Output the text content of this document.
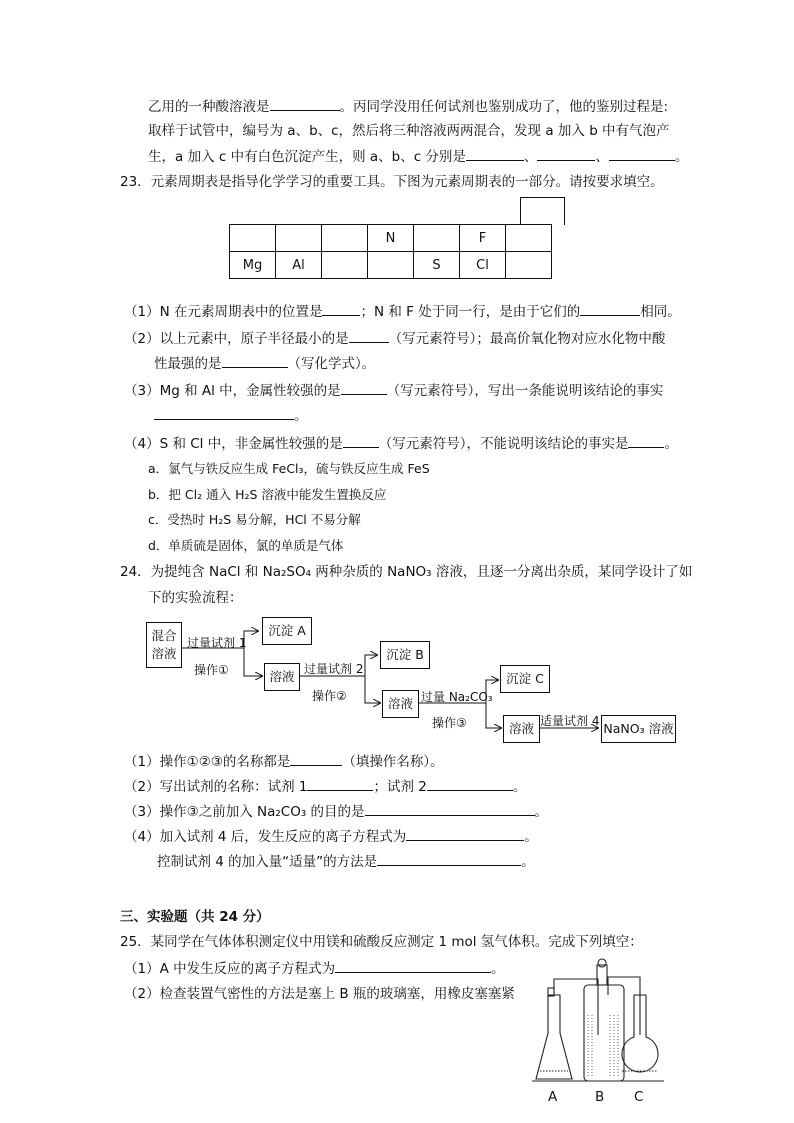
乙用的一种酸溶液是	。丙同学没用任何试剂也鉴别成功了，他的鉴别过程是:
取样于试管中，编号为 a、b、c，然后将三种溶液两两混合，发现 a 加入 b 中有气泡产
生，a 加入 c 中有白色沉淀产生，则 a、b、c 分别是	、	、	。
23．元素周期表是指导化学学习的重要工具。下图为元素周期表的一部分。请按要求填空。
			N		F	
Mg	Al			S	Cl	
（1）N 在元素周期表中的位置是	；N 和 F 处于同一行，是由于它们的	相同。
（2）以上元素中，原子半径最小的是	（写元素符号）；最高价氧化物对应水化物中酸
性最强的是	（写化学式）。
（3）Mg 和 Al 中，金属性较强的是	（写元素符号），写出一条能说明该结论的事实
。
（4）S 和 Cl 中，非金属性较强的是	（写元素符号），不能说明该结论的事实是	。
a．氯气与铁反应生成 FeCl₃，硫与铁反应生成 FeS
b．把 Cl₂ 通入 H₂S 溶液中能发生置换反应
c．受热时 H₂S 易分解，HCl 不易分解
d．单质硫是固体，氯的单质是气体
24．为提纯含 NaCl 和 Na₂SO₄ 两种杂质的 NaNO₃ 溶液，且逐一分离出杂质，某同学设计了如
下的实验流程：
混合 溶液
过量试剂 1
操作①
沉淀 A
溶液 过量试剂 2
操作②
沉淀 B
溶液 过量 Na₂CO₃
操作③
沉淀 C
溶液 适量试剂 4 NaNO₃ 溶液
（1）操作①②③的名称都是	（填操作名称）。
（2）写出试剂的名称：试剂 1	；试剂 2	。
（3）操作③之前加入 Na₂CO₃ 的目的是	。
（4）加入试剂 4 后，发生反应的离子方程式为	。
控制试剂 4 的加入量“适量”的方法是	。
三、实验题（共 24 分）
25．某同学在气体体积测定仪中用镁和硫酸反应测定 1 mol 氢气体积。完成下列填空：
（1）A 中发生反应的离子方程式为	。
（2）检查装置气密性的方法是塞上 B 瓶的玻璃塞，用橡皮塞塞紧
A	B C
